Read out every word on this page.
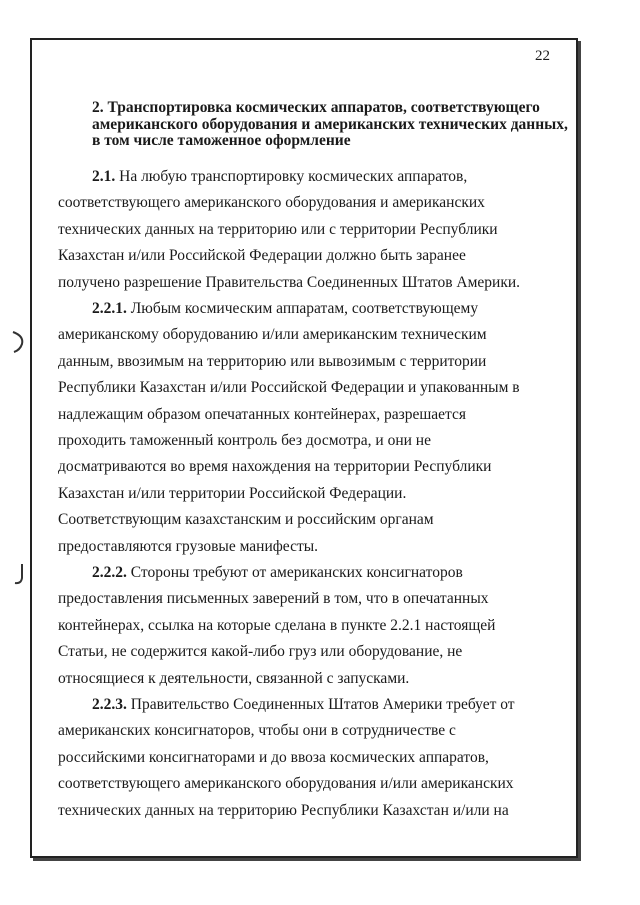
22
2. Транспортировка космических аппаратов, соответствующего американского оборудования и американских технических данных, в том числе таможенное оформление
2.1. На любую транспортировку космических аппаратов,
соответствующего американского оборудования и американских
технических данных на территорию или с территории Республики
Казахстан и/или Российской Федерации должно быть заранее
получено разрешение Правительства Соединенных Штатов Америки.
2.2.1. Любым космическим аппаратам, соответствующему
американскому оборудованию и/или американским техническим
данным, ввозимым на территорию или вывозимым с территории
Республики Казахстан и/или Российской Федерации и упакованным в
надлежащим образом опечатанных контейнерах, разрешается
проходить таможенный контроль без досмотра, и они не
досматриваются во время нахождения на территории Республики
Казахстан и/или территории Российской Федерации.
Соответствующим казахстанским и российским органам
предоставляются грузовые манифесты.
2.2.2. Стороны требуют от американских консигнаторов
предоставления письменных заверений в том, что в опечатанных
контейнерах, ссылка на которые сделана в пункте 2.2.1 настоящей
Статьи, не содержится какой-либо груз или оборудование, не
относящиеся к деятельности, связанной с запусками.
2.2.3. Правительство Соединенных Штатов Америки требует от
американских консигнаторов, чтобы они в сотрудничестве с
российскими консигнаторами и до ввоза космических аппаратов,
соответствующего американского оборудования и/или американских
технических данных на территорию Республики Казахстан и/или на
